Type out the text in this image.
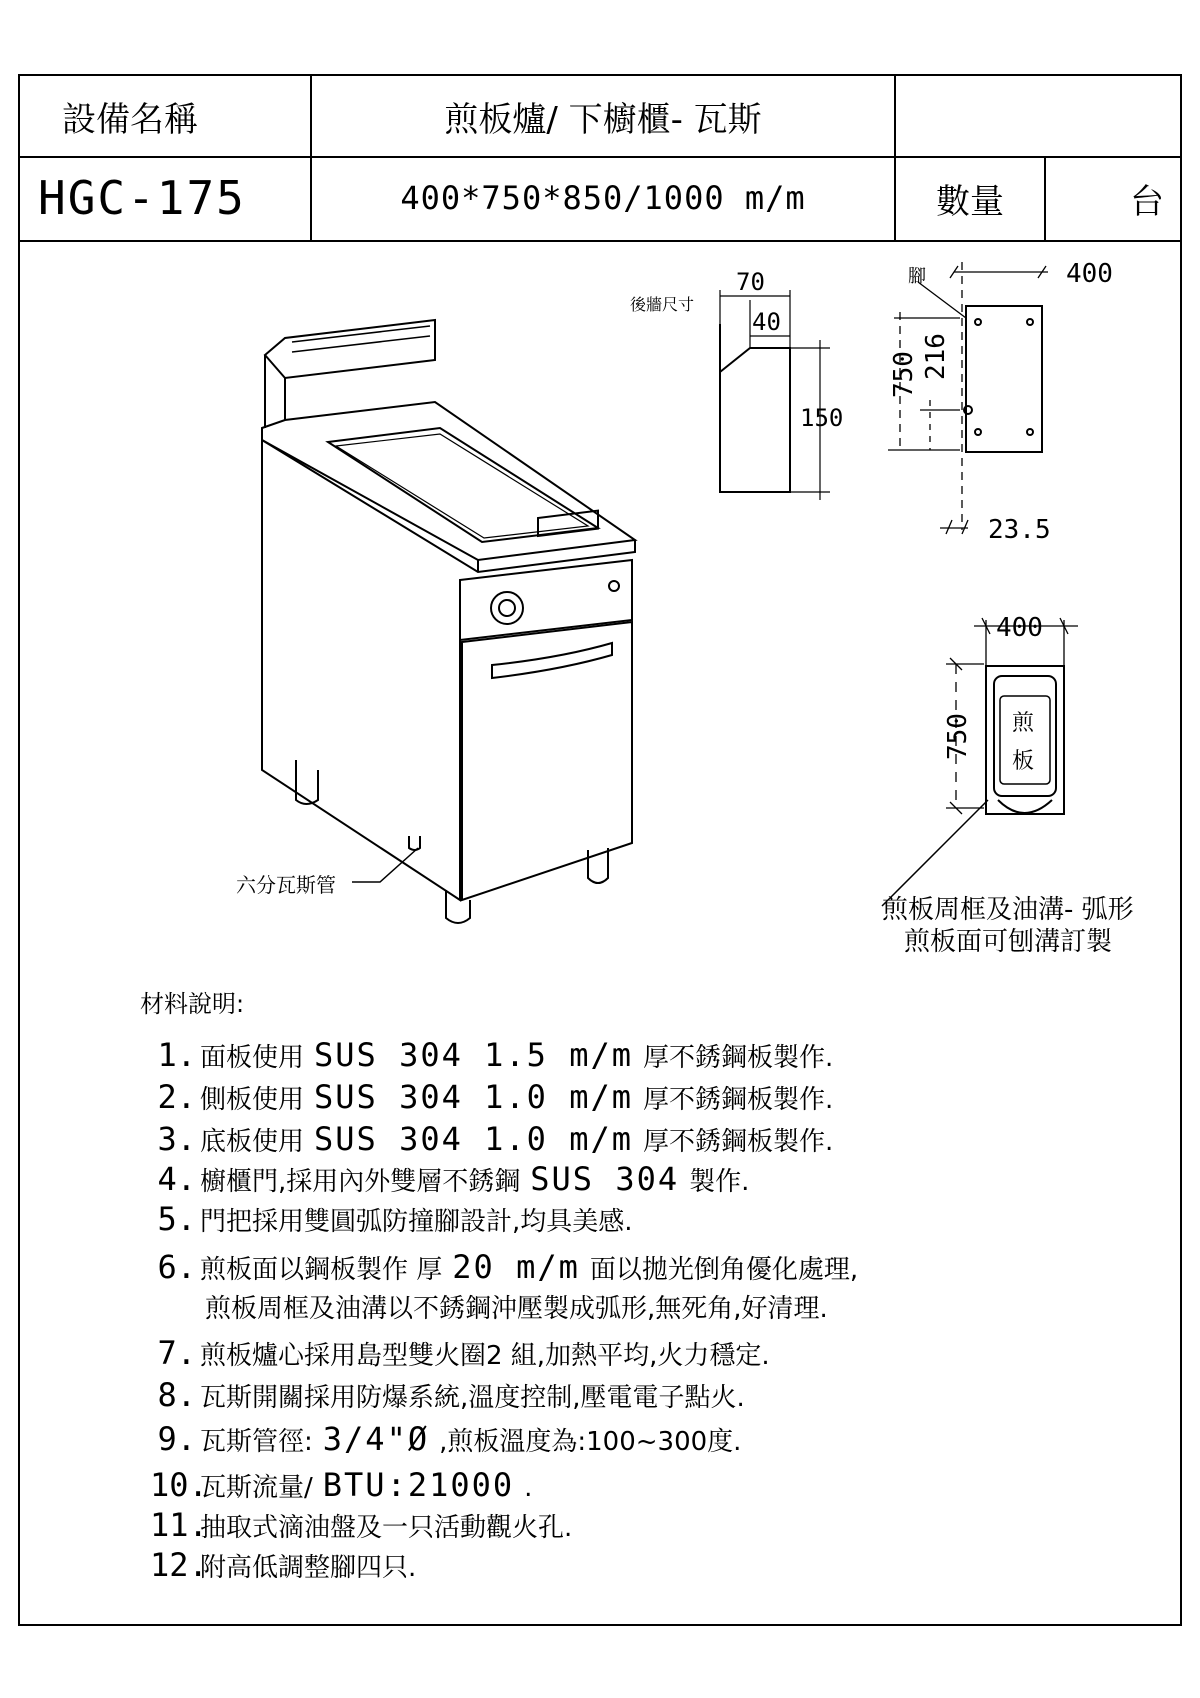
設備名稱	煎板爐/ 下櫥櫃- 瓦斯
HGC-175	400*750*850/1000 m/m	數量	台
六分瓦斯管
後牆尺寸
70
40
150
腳	400
750 216
23.5
400
750 煎
板
煎板周框及油溝- 弧形
煎板面可刨溝訂製
材料說明:
1. 面板使用 SUS 304 1.5 m/m 厚不銹鋼板製作.
2. 側板使用 SUS 304 1.0 m/m 厚不銹鋼板製作.
3. 底板使用 SUS 304 1.0 m/m 厚不銹鋼板製作.
4. 櫥櫃門,採用內外雙層不銹鋼 SUS 304 製作.
5. 門把採用雙圓弧防撞腳設計,均具美感.
6. 煎板面以鋼板製作 厚 20 m/m 面以拋光倒角優化處理,
煎板周框及油溝以不銹鋼沖壓製成弧形,無死角,好清理.
7. 煎板爐心採用島型雙火圈2 組,加熱平均,火力穩定.
8. 瓦斯開關採用防爆系統,溫度控制,壓電電子點火.
9. 瓦斯管徑: 3/4"Ø ,煎板溫度為:100~300度.
10.瓦斯流量/ BTU:21000 .
11.抽取式滴油盤及一只活動觀火孔.
12.附高低調整腳四只.
